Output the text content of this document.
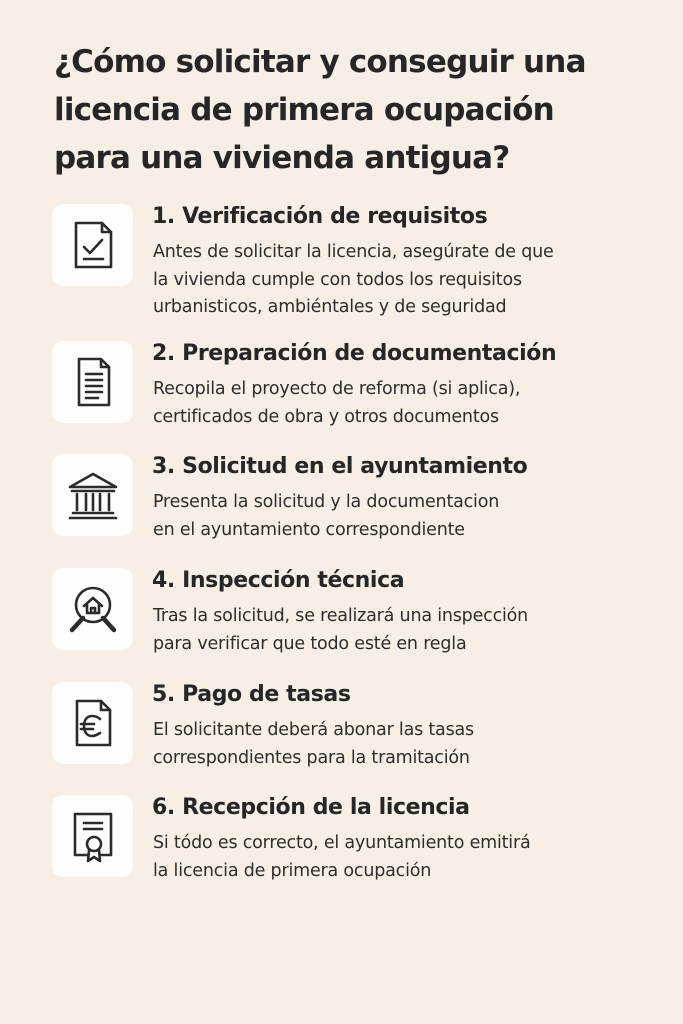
¿Cómo solicitar y conseguir una
licencia de primera ocupación
para una vivienda antigua?
1. Verificación de requisitos

Antes de solicitar la licencia, asegúrate de que
la vivienda cumple con todos los requisitos
urbanisticos, ambiéntales y de seguridad

2. Preparación de documentación

Recopila el proyecto de reforma (si aplica),
certificados de obra y otros documentos

3. Solicitud en el ayuntamiento

Presenta la solicitud y la documentacion
en el ayuntamiento correspondiente

4. Inspección técnica

Tras la solicitud, se realizará una inspección
para verificar que todo esté en regla

5. Pago de tasas

El solicitante deberá abonar las tasas
correspondientes para la tramitación

6. Recepción de la licencia

Si tódo es correcto, el ayuntamiento emitirá
la licencia de primera ocupación
